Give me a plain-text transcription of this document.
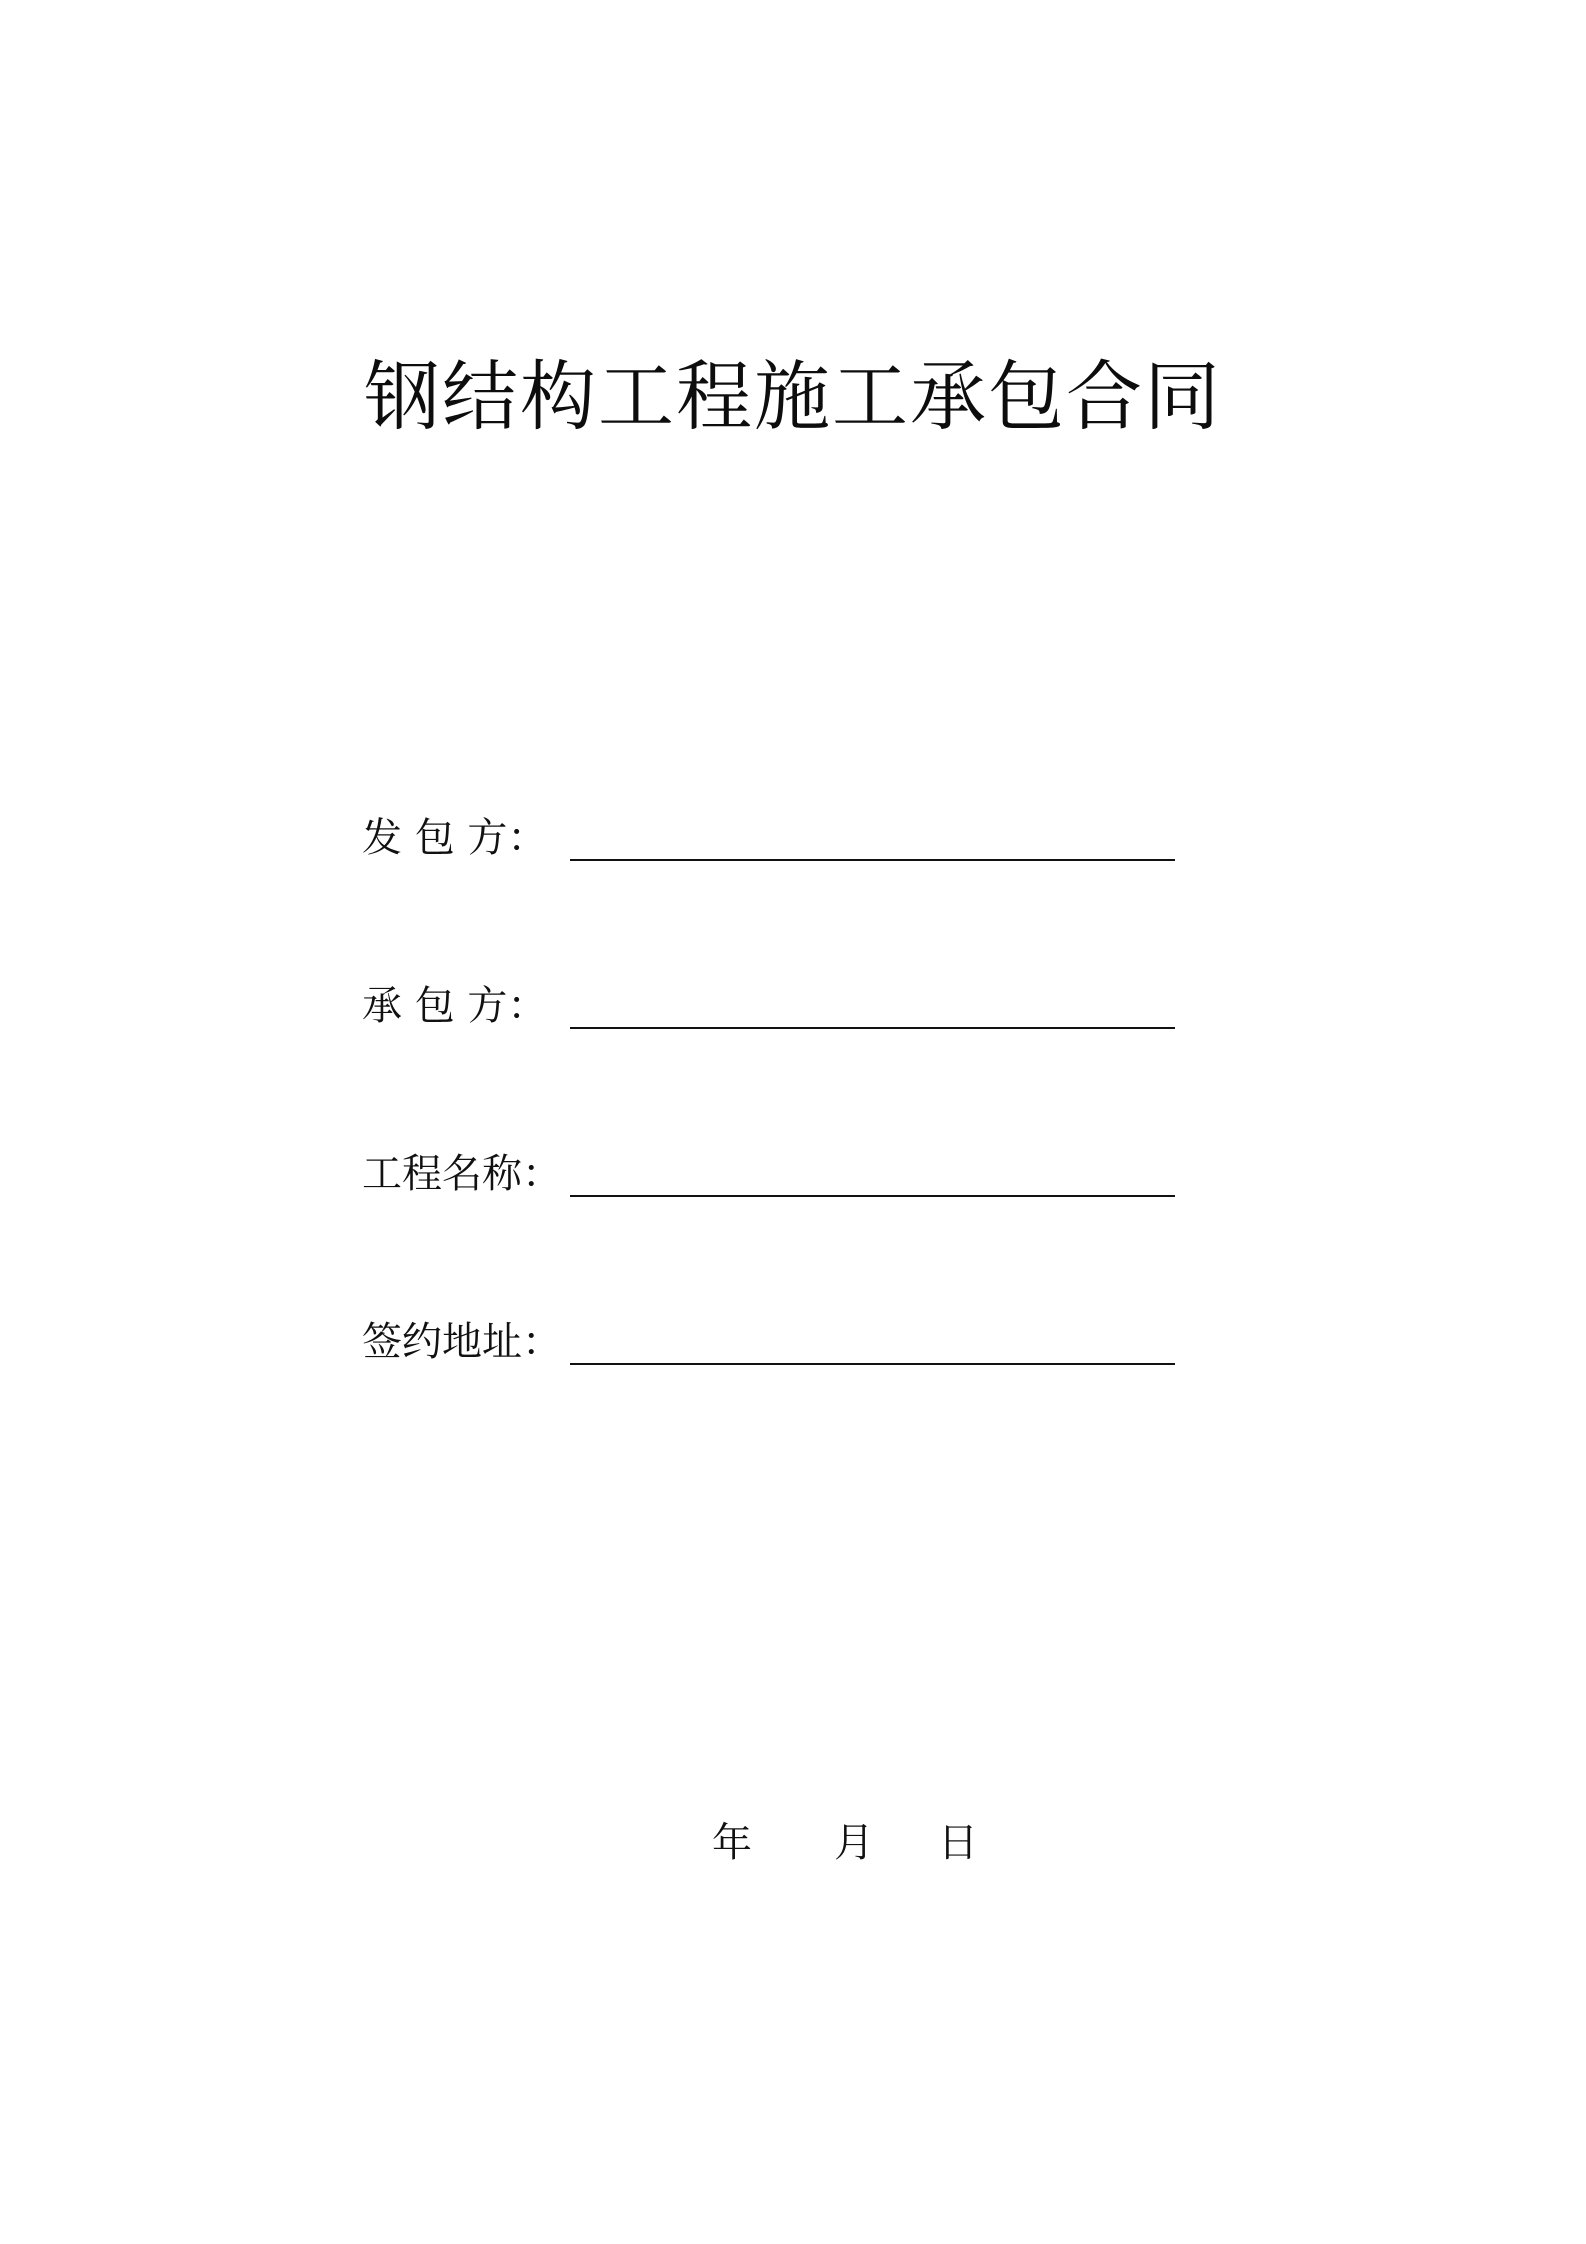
钢结构工程施工承包合同
发 包 方：
承 包 方：
工程名称：
签约地址：
年 月 日
